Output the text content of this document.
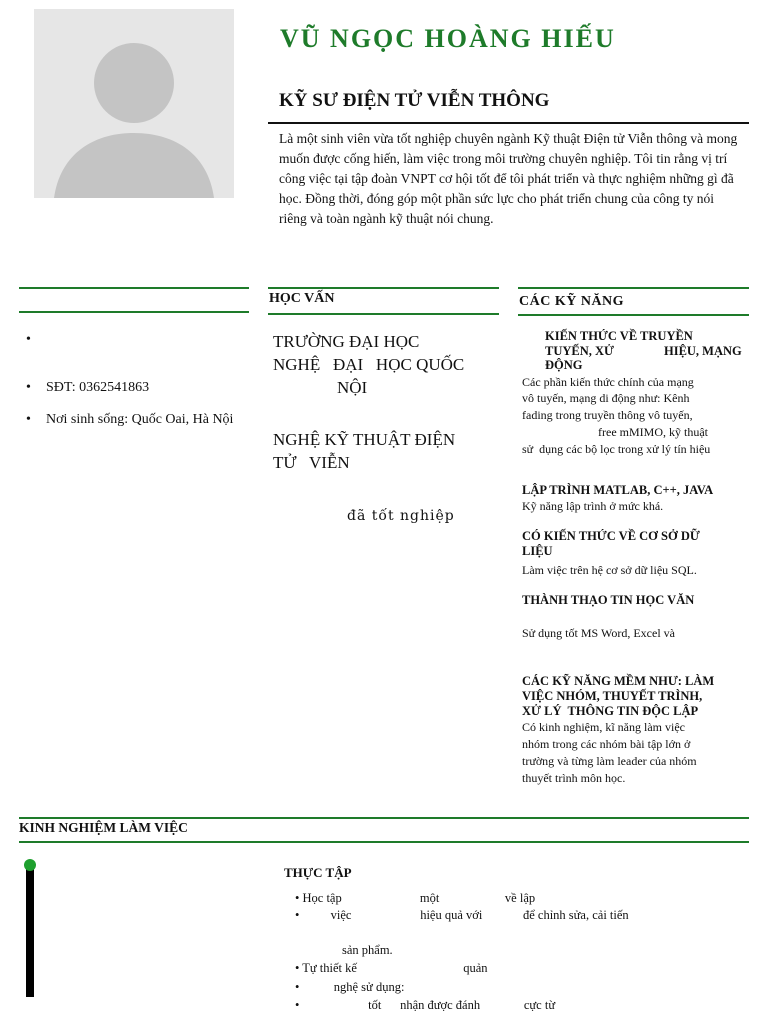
VŨ NGỌC HOÀNG HIẾU
KỸ SƯ ĐIỆN TỬ VIỄN THÔNG
Là một sinh viên vừa tốt nghiệp chuyên ngành Kỹ thuật Điện tử Viễn thông và mong muốn được cống hiến, làm việc trong môi trường chuyên nghiệp. Tôi tin rằng vị trí công việc tại tập đoàn VNPT cơ hội tốt để tôi phát triển và thực nghiệm những gì đã học. Đồng thời, đóng góp một phần sức lực cho phát triển chung của công ty nói riêng và toàn ngành kỹ thuật nói chung.
•
• SĐT: 0362541863
• Nơi sinh sống: Quốc Oai, Hà Nội
HỌC VẤN
TRƯỜNG ĐẠI HỌC
NGHỆ   ĐẠI   HỌC QUỐC
NỘI
NGHỆ KỸ THUẬT ĐIỆN
TỬ   VIỄN
đã tốt nghiệp
CÁC KỸ NĂNG
KIẾN THỨC VỀ TRUYỀN
TUYẾN, XỬ                HIỆU, MẠNG
ĐỘNG
Các phần kiến thức chính của mạng
vô tuyến, mạng di động như: Kênh
fading trong truyền thông vô tuyến,
free mMIMO, kỹ thuật
sử  dụng các bộ lọc trong xử lý tín hiệu
LẬP TRÌNH MATLAB, C++, JAVA
Kỹ năng lập trình ở mức khá.
CÓ KIẾN THỨC VỀ CƠ SỞ DỮ
LIỆU
Làm việc trên hệ cơ sở dữ liệu SQL.
THÀNH THẠO TIN HỌC VĂN
Sử dụng tốt MS Word, Excel và
CÁC KỸ NĂNG MỀM NHƯ: LÀM
VIỆC NHÓM, THUYẾT TRÌNH,
XỬ LÝ  THÔNG TIN ĐỘC LẬP
Có kinh nghiệm, kĩ năng làm việc
nhóm trong các nhóm bài tập lớn ở
trường và từng làm leader của nhóm
thuyết trình môn học.
KINH NGHIỆM LÀM VIỆC
THỰC TẬP
• Học tập                         một                     về lập
•          việc                      hiệu quả với             để chỉnh sửa, cải tiến
sản phẩm.
• Tự thiết kế                                  quản
•           nghệ sử dụng:
•                      tốt      nhận được đánh              cực từ
